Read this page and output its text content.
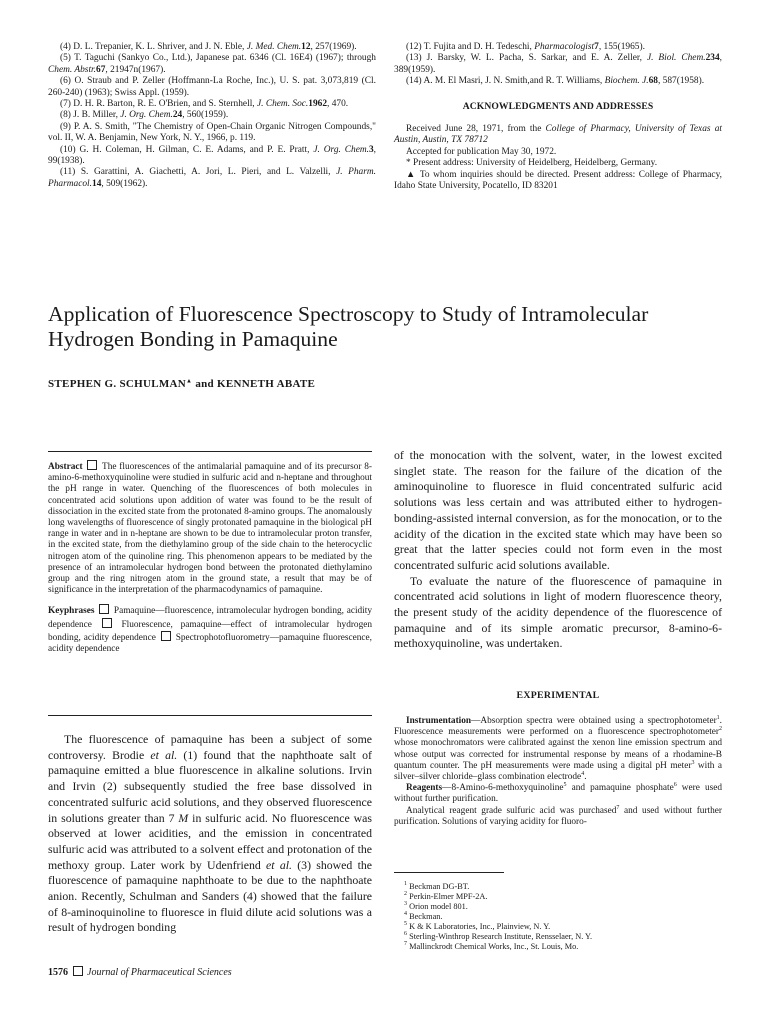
(4) D. L. Trepanier, K. L. Shriver, and J. N. Eble, J. Med. Chem.12, 257(1969).

(5) T. Taguchi (Sankyo Co., Ltd.), Japanese pat. 6346 (Cl. 16E4) (1967); through Chem. Abstr.67, 21947n(1967).

(6) O. Straub and P. Zeller (Hoffmann-La Roche, Inc.), U. S. pat. 3,073,819 (Cl. 260-240) (1963); Swiss Appl. (1959).

(7) D. H. R. Barton, R. E. O'Brien, and S. Sternhell, J. Chem. Soc.1962, 470.

(8) J. B. Miller, J. Org. Chem.24, 560(1959).

(9) P. A. S. Smith, "The Chemistry of Open-Chain Organic Nitrogen Compounds," vol. II, W. A. Benjamin, New York, N. Y., 1966, p. 119.

(10) G. H. Coleman, H. Gilman, C. E. Adams, and P. E. Pratt, J. Org. Chem.3, 99(1938).

(11) S. Garattini, A. Giachetti, A. Jori, L. Pieri, and L. Valzelli, J. Pharm. Pharmacol.14, 509(1962).

(12) T. Fujita and D. H. Tedeschi, Pharmacologist7, 155(1965).

(13) J. Barsky, W. L. Pacha, S. Sarkar, and E. A. Zeller, J. Biol. Chem.234, 389(1959).

(14) A. M. El Masri, J. N. Smith,and R. T. Williams, Biochem. J.68, 587(1958).

ACKNOWLEDGMENTS AND ADDRESSES

Received June 28, 1971, from the College of Pharmacy, University of Texas at Austin, Austin, TX 78712

Accepted for publication May 30, 1972.

* Present address: University of Heidelberg, Heidelberg, Germany.

▲ To whom inquiries should be directed. Present address: College of Pharmacy, Idaho State University, Pocatello, ID 83201

Application of Fluorescence Spectroscopy to Study of Intramolecular Hydrogen Bonding in Pamaquine
STEPHEN G. SCHULMAN▲ and KENNETH ABATE

Abstract The fluorescences of the antimalarial pamaquine and of its precursor 8-amino-6-methoxyquinoline were studied in sulfuric acid and n-heptane and throughout the pH range in water. Quenching of the fluorescences of both molecules in concentrated acid solutions upon addition of water was found to be the result of dissociation in the excited state from the protonated 8-amino groups. The anomalously long wavelengths of fluorescence of singly protonated pamaquine in the biological pH range in water and in n-heptane are shown to be due to intramolecular proton transfer, in the excited state, from the diethylamino group of the side chain to the heterocyclic nitrogen atom of the quinoline ring. This phenomenon appears to be mediated by the presence of an intramolecular hydrogen bond between the protonated diethylamino group and the ring nitrogen atom in the ground state, a result that may be of significance in the interpretation of the pharmacodynamics of pamaquine.

Keyphrases Pamaquine—fluorescence, intramolecular hydrogen bonding, acidity dependence	Fluorescence, pamaquine—effect of intramolecular hydrogen bonding, acidity dependence Spectrophotofluorometry—pamaquine fluorescence, acidity dependence

The fluorescence of pamaquine has been a subject of some controversy. Brodie et al. (1) found that the naphthoate salt of pamaquine emitted a blue fluorescence in alkaline solutions. Irvin and Irvin (2) subsequently studied the free base dissolved in concentrated sulfuric acid solutions, and they observed fluorescence in solutions greater than 7 M in sulfuric acid. No fluorescence was observed at lower acidities, and the emission in concentrated sulfuric acid was attributed to a solvent effect and protonation of the methoxy group. Later work by Udenfriend et al. (3) showed the fluorescence of pamaquine naphthoate to be due to the naphthoate anion. Recently, Schulman and Sanders (4) showed that the failure of 8-aminoquinoline to fluoresce in fluid dilute acid solutions was a result of hydrogen bonding

of the monocation with the solvent, water, in the lowest excited singlet state. The reason for the failure of the dication of the aminoquinoline to fluoresce in fluid concentrated sulfuric acid solutions was less certain and was attributed either to hydrogen-bonding-assisted internal conversion, as for the monocation, or to the acidity of the dication in the excited state which may have been so great that the latter species could not form even in the most concentrated sulfuric acid solutions available.

To evaluate the nature of the fluorescence of pamaquine in concentrated acid solutions in light of modern fluorescence theory, the present study of the acidity dependence of the fluorescence of pamaquine and of its simple aromatic precursor, 8-amino-6-methoxyquinoline, was undertaken.

EXPERIMENTAL

Instrumentation—Absorption spectra were obtained using a spectrophotometer$^1$. Fluorescence measurements were performed on a fluorescence spectrophotometer$^2$ whose monochromators were calibrated against the xenon line emission spectrum and whose output was corrected for instrumental response by means of a rhodamine-B quantum counter. The pH measurements were made using a digital pH meter$^3$ with a silver–silver chloride–glass combination electrode$^4$.

Reagents—8-Amino-6-methoxyquinoline$^5$ and pamaquine phosphate$^6$ were used without further purification.

Analytical reagent grade sulfuric acid was purchased$^7$ and used without further purification. Solutions of varying acidity for fluoro-

$^1$ Beckman DG-BT.

$^2$ Perkin-Elmer MPF-2A.

$^3$ Orion model 801.

$^4$ Beckman.

$^5$ K & K Laboratories, Inc., Plainview, N. Y.

$^6$ Sterling-Winthrop Research Institute, Rensselaer, N. Y.

$^7$ Mallinckrodt Chemical Works, Inc., St. Louis, Mo.

1576 Journal of Pharmaceutical Sciences
